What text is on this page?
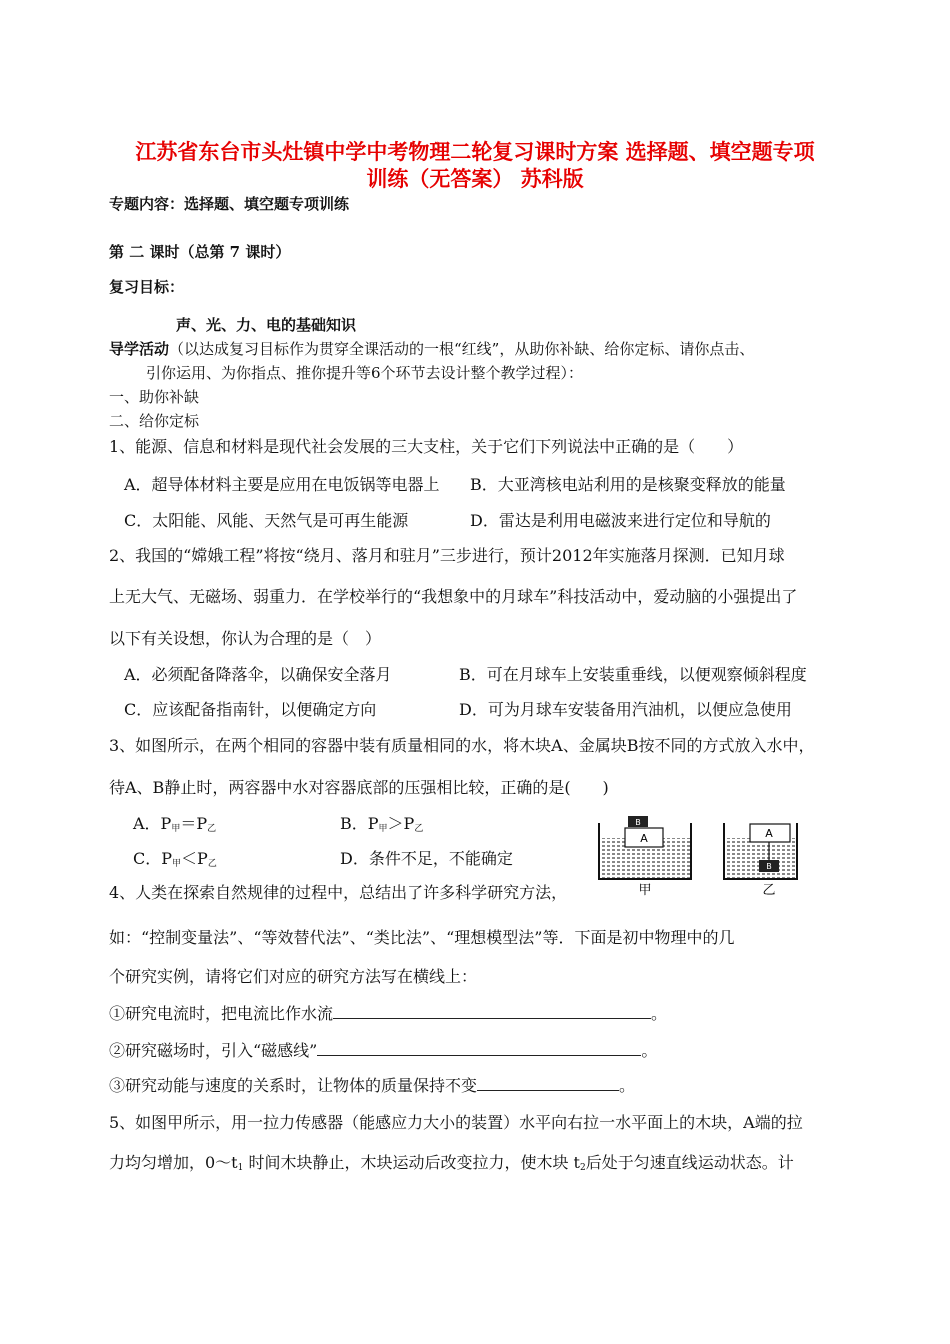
江苏省东台市头灶镇中学中考物理二轮复习课时方案 选择题、填空题专项
训练（无答案） 苏科版
专题内容：选择题、填空题专项训练
第 二 课时（总第 7 课时）
复习目标：
声、光、力、电的基础知识
导学活动（以达成复习目标作为贯穿全课活动的一根“红线”，从助你补缺、给你定标、请你点击、
引你运用、为你指点、推你提升等6个环节去设计整个教学过程）：
一、助你补缺
二、给你定标
1、能源、信息和材料是现代社会发展的三大支柱，关于它们下列说法中正确的是（　　）
A．超导体材料主要是应用在电饭锅等电器上 B．大亚湾核电站利用的是核聚变释放的能量
C．太阳能、风能、天然气是可再生能源	D．雷达是利用电磁波来进行定位和导航的
2、我国的“嫦娥工程”将按“绕月、落月和驻月”三步进行，预计2012年实施落月探测．已知月球
上无大气、无磁场、弱重力．在学校举行的“我想象中的月球车”科技活动中，爱动脑的小强提出了
以下有关设想，你认为合理的是（　）
A．必须配备降落伞，以确保安全落月	B．可在月球车上安装重垂线，以便观察倾斜程度
C．应该配备指南针，以便确定方向	D．可为月球车安装备用汽油机，以便应急使用
3、如图所示，在两个相同的容器中装有质量相同的水，将木块A、金属块B按不同的方式放入水中，
待A、B静止时，两容器中水对容器底部的压强相比较，正确的是(　　)
A．$P_甲=P_乙$	B．$P_甲>P_乙$
C．$P_甲<P_乙$	D．条件不足，不能确定
B
A
甲
A
B
乙
4、人类在探索自然规律的过程中，总结出了许多科学研究方法，
如：“控制变量法”、“等效替代法”、“类比法”、“理想模型法”等．下面是初中物理中的几
个研究实例，请将它们对应的研究方法写在横线上：
①研究电流时，把电流比作水流	。
②研究磁场时，引入“磁感线”	。
③研究动能与速度的关系时，让物体的质量保持不变	。
5、如图甲所示，用一拉力传感器（能感应力大小的装置）水平向右拉一水平面上的木块，A端的拉
力均匀增加，$0\sim t_1$ 时间木块静止，木块运动后改变拉力，使木块 $t_2$后处于匀速直线运动状态。计
